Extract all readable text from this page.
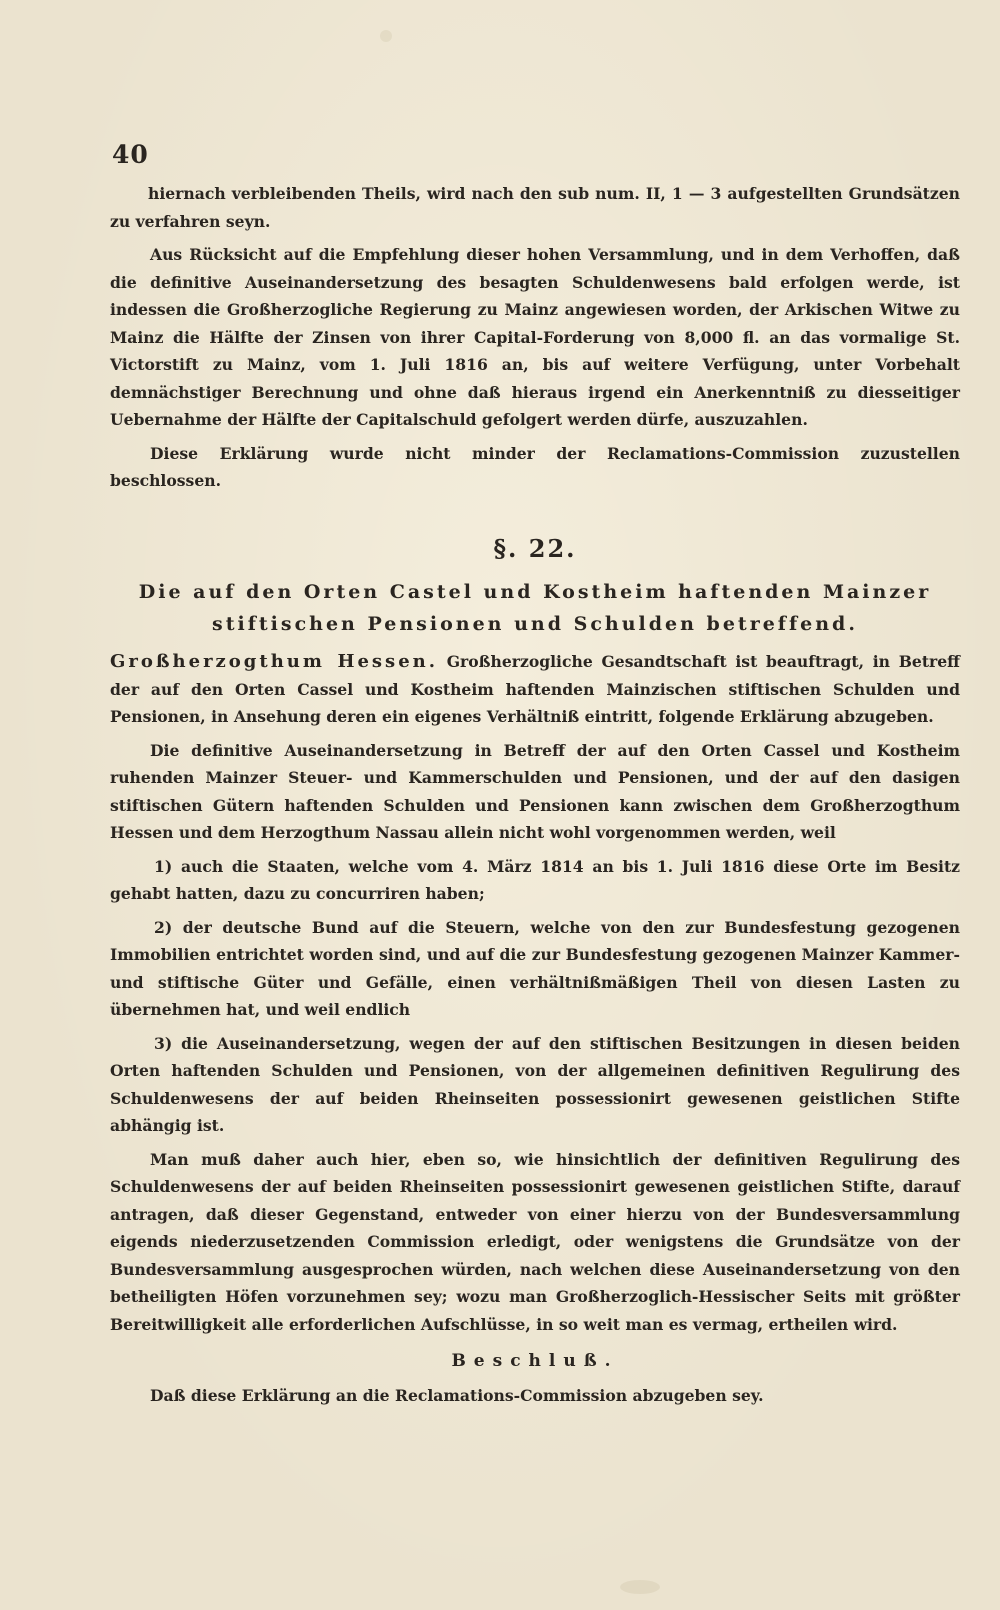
40

hiernach verbleibenden Theils, wird nach den sub num. II, 1 — 3 aufgestellten Grundsätzen zu verfahren seyn.

Aus Rücksicht auf die Empfehlung dieser hohen Versammlung, und in dem Verhoffen, daß die definitive Auseinandersetzung des besagten Schuldenwesens bald erfolgen werde, ist indessen die Großherzogliche Regierung zu Mainz angewiesen worden, der Arkischen Witwe zu Mainz die Hälfte der Zinsen von ihrer Capital-Forderung von 8,000 fl. an das vormalige St. Victorstift zu Mainz, vom 1. Juli 1816 an, bis auf weitere Verfügung, unter Vorbehalt demnächstiger Berechnung und ohne daß hieraus irgend ein Anerkenntniß zu diesseitiger Uebernahme der Hälfte der Capitalschuld gefolgert werden dürfe, auszuzahlen.

Diese Erklärung wurde nicht minder der Reclamations-Commission zuzustellen beschlossen.

§. 22.
Die auf den Orten Castel und Kostheim haftenden Mainzer stiftischen Pensionen und Schulden betreffend.

Großherzogthum Hessen. Großherzogliche Gesandtschaft ist beauftragt, in Betreff der auf den Orten Cassel und Kostheim haftenden Mainzischen stiftischen Schulden und Pensionen, in Ansehung deren ein eigenes Verhältniß eintritt, folgende Erklärung abzugeben.

Die definitive Auseinandersetzung in Betreff der auf den Orten Cassel und Kostheim ruhenden Mainzer Steuer- und Kammerschulden und Pensionen, und der auf den dasigen stiftischen Gütern haftenden Schulden und Pensionen kann zwischen dem Großherzogthum Hessen und dem Herzogthum Nassau allein nicht wohl vorgenommen werden, weil

1) auch die Staaten, welche vom 4. März 1814 an bis 1. Juli 1816 diese Orte im Besitz gehabt hatten, dazu zu concurriren haben;

2) der deutsche Bund auf die Steuern, welche von den zur Bundesfestung gezogenen Immobilien entrichtet worden sind, und auf die zur Bundesfestung gezogenen Mainzer Kammer- und stiftische Güter und Gefälle, einen verhältnißmäßigen Theil von diesen Lasten zu übernehmen hat, und weil endlich

3) die Auseinandersetzung, wegen der auf den stiftischen Besitzungen in diesen beiden Orten haftenden Schulden und Pensionen, von der allgemeinen definitiven Regulirung des Schuldenwesens der auf beiden Rheinseiten possessionirt gewesenen geistlichen Stifte abhängig ist.

Man muß daher auch hier, eben so, wie hinsichtlich der definitiven Regulirung des Schuldenwesens der auf beiden Rheinseiten possessionirt gewesenen geistlichen Stifte, darauf antragen, daß dieser Gegenstand, entweder von einer hierzu von der Bundesversammlung eigends niederzusetzenden Commission erledigt, oder wenigstens die Grundsätze von der Bundesversammlung ausgesprochen würden, nach welchen diese Auseinandersetzung von den betheiligten Höfen vorzunehmen sey; wozu man Großherzoglich-Hessischer Seits mit größter Bereitwilligkeit alle erforderlichen Aufschlüsse, in so weit man es vermag, ertheilen wird.

Beschluß.

Daß diese Erklärung an die Reclamations-Commission abzugeben sey.
